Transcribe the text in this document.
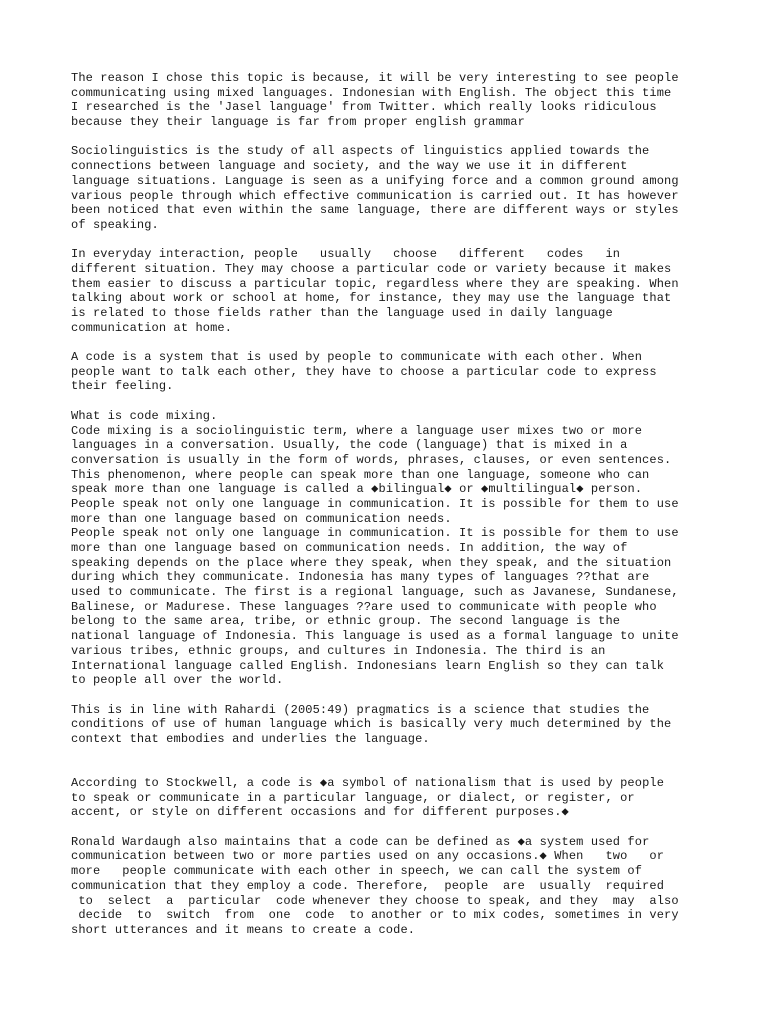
The reason I chose this topic is because, it will be very interesting to see people
communicating using mixed languages. Indonesian with English. The object this time
I researched is the 'Jasel language' from Twitter. which really looks ridiculous
because they their language is far from proper english grammar
Sociolinguistics is the study of all aspects of linguistics applied towards the
connections between language and society, and the way we use it in different
language situations. Language is seen as a unifying force and a common ground among
various people through which effective communication is carried out. It has however
been noticed that even within the same language, there are different ways or styles
of speaking.
In everyday interaction, people   usually   choose   different   codes   in
different situation. They may choose a particular code or variety because it makes
them easier to discuss a particular topic, regardless where they are speaking. When
talking about work or school at home, for instance, they may use the language that
is related to those fields rather than the language used in daily language
communication at home.
A code is a system that is used by people to communicate with each other. When
people want to talk each other, they have to choose a particular code to express
their feeling.
What is code mixing.
Code mixing is a sociolinguistic term, where a language user mixes two or more
languages in a conversation. Usually, the code (language) that is mixed in a
conversation is usually in the form of words, phrases, clauses, or even sentences.
This phenomenon, where people can speak more than one language, someone who can
speak more than one language is called a ◆bilingual◆ or ◆multilingual◆ person.
People speak not only one language in communication. It is possible for them to use
more than one language based on communication needs.
People speak not only one language in communication. It is possible for them to use
more than one language based on communication needs. In addition, the way of
speaking depends on the place where they speak, when they speak, and the situation
during which they communicate. Indonesia has many types of languages ??that are
used to communicate. The first is a regional language, such as Javanese, Sundanese,
Balinese, or Madurese. These languages ??are used to communicate with people who
belong to the same area, tribe, or ethnic group. The second language is the
national language of Indonesia. This language is used as a formal language to unite
various tribes, ethnic groups, and cultures in Indonesia. The third is an
International language called English. Indonesians learn English so they can talk
to people all over the world.
This is in line with Rahardi (2005:49) pragmatics is a science that studies the
conditions of use of human language which is basically very much determined by the
context that embodies and underlies the language.
According to Stockwell, a code is ◆a symbol of nationalism that is used by people
to speak or communicate in a particular language, or dialect, or register, or
accent, or style on different occasions and for different purposes.◆
Ronald Wardaugh also maintains that a code can be defined as ◆a system used for
communication between two or more parties used on any occasions.◆ When   two   or
more   people communicate with each other in speech, we can call the system of
communication that they employ a code. Therefore,  people  are  usually  required
to  select  a  particular  code whenever they choose to speak, and they  may  also
decide  to  switch  from  one  code  to another or to mix codes, sometimes in very
short utterances and it means to create a code.
